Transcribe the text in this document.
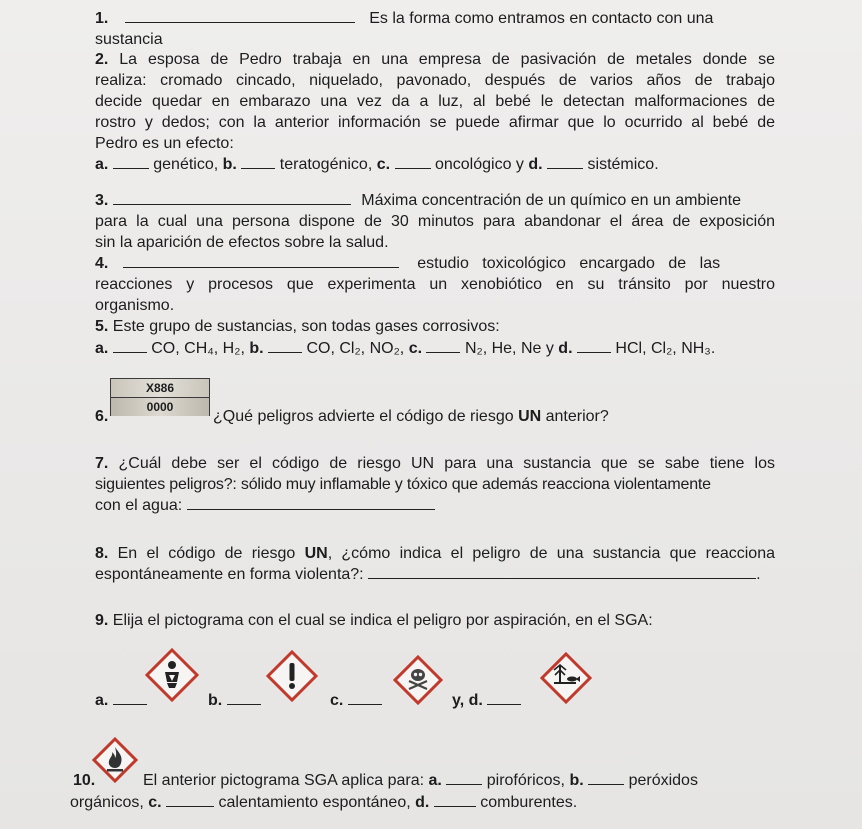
1.	Es la forma como entramos en contacto con una
sustancia
2. La esposa de Pedro trabaja en una empresa de pasivación de metales donde se
realiza: cromado cincado, niquelado, pavonado, después de varios años de trabajo
decide quedar en embarazo una vez da a luz, al bebé le detectan malformaciones de
rostro y dedos; con la anterior información se puede afirmar que lo ocurrido al bebé de
Pedro es un efecto:
a.	genético, b.	teratogénico, c.	oncológico y d.	sistémico.
3.	Máxima concentración de un químico en un ambiente
para la cual una persona dispone de 30 minutos para abandonar el área de exposición
sin la aparición de efectos sobre la salud.
4.	estudio toxicológico encargado de las
reacciones y procesos que experimenta un xenobiótico en su tránsito por nuestro
organismo.
5. Este grupo de sustancias, son todas gases corrosivos:
a.	CO, CH₄, H₂, b.	CO, Cl₂, NO₂, c.	N₂, He, Ne y d.	HCl, Cl₂, NH₃.
X886
0000
6.	¿Qué peligros advierte el código de riesgo UN anterior?
7. ¿Cuál debe ser el código de riesgo UN para una sustancia que se sabe tiene los
siguientes peligros?: sólido muy inflamable y tóxico que además reacciona violentamente
con el agua:
8. En el código de riesgo UN, ¿cómo indica el peligro de una sustancia que reacciona
espontáneamente en forma violenta?:	.
9. Elija el pictograma con el cual se indica el peligro por aspiración, en el SGA:
a.	b.	c.	y, d.
10.	El anterior pictograma SGA aplica para: a.	pirofóricos, b.	peróxidos
orgánicos, c.	calentamiento espontáneo, d.	comburentes.
